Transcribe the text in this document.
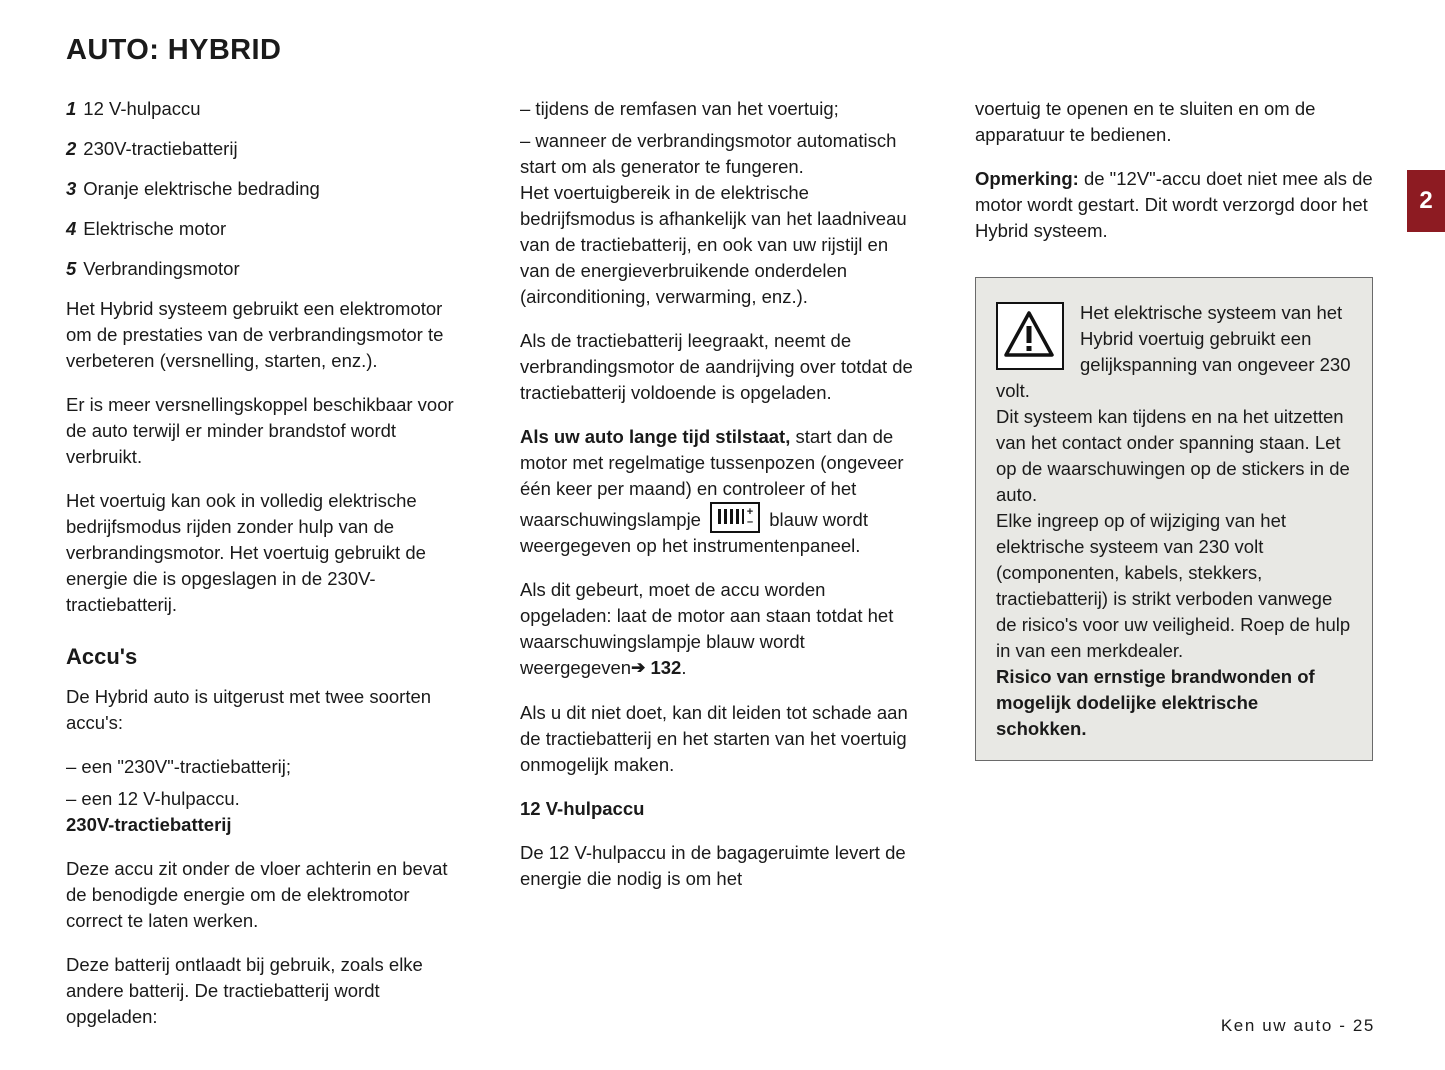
AUTO: HYBRID
2
1 12 V-hulpaccu
2 230V-tractiebatterij
3 Oranje elektrische bedrading
4 Elektrische motor
5 Verbrandingsmotor

Het Hybrid systeem gebruikt een elektromotor om de prestaties van de verbrandingsmotor te verbeteren (versnelling, starten, enz.).

Er is meer versnellingskoppel beschikbaar voor de auto terwijl er minder brandstof wordt verbruikt.

Het voertuig kan ook in volledig elektrische bedrijfsmodus rijden zonder hulp van de verbrandingsmotor. Het voertuig gebruikt de energie die is opgeslagen in de 230V-tractiebatterij.

Accu's

De Hybrid auto is uitgerust met twee soorten accu's:

– een "230V"-tractiebatterij;

– een 12 V-hulpaccu.

230V-tractiebatterij

Deze accu zit onder de vloer achterin en bevat de benodigde energie om de elektromotor correct te laten werken.

Deze batterij ontlaadt bij gebruik, zoals elke andere batterij. De tractiebatterij wordt opgeladen:

– tijdens de remfasen van het voertuig;

– wanneer de verbrandingsmotor automatisch start om als generator te fungeren.

Het voertuigbereik in de elektrische bedrijfsmodus is afhankelijk van het laadniveau van de tractiebatterij, en ook van uw rijstijl en van de energieverbruikende onderdelen (airconditioning, verwarming, enz.).

Als de tractiebatterij leegraakt, neemt de verbrandingsmotor de aandrijving over totdat de tractiebatterij voldoende is opgeladen.

Als uw auto lange tijd stilstaat, start dan de motor met regelmatige tussenpozen (ongeveer één keer per maand) en controleer of het waarschuwingslampje	+
– blauw wordt weergegeven op het instrumentenpaneel.

Als dit gebeurt, moet de accu worden opgeladen: laat de motor aan staan totdat het waarschuwingslampje blauw wordt weergegeven➔ 132.

Als u dit niet doet, kan dit leiden tot schade aan de tractiebatterij en het starten van het voertuig onmogelijk maken.

12 V-hulpaccu

De 12 V-hulpaccu in de bagageruimte levert de energie die nodig is om het

voertuig te openen en te sluiten en om de apparatuur te bedienen.

Opmerking: de "12V"-accu doet niet mee als de motor wordt gestart. Dit wordt verzorgd door het Hybrid systeem.

Het elektrische systeem van het Hybrid voertuig gebruikt een gelijkspanning van ongeveer 230 volt.

Dit systeem kan tijdens en na het uitzetten van het contact onder spanning staan. Let op de waarschuwingen op de stickers in de auto.

Elke ingreep op of wijziging van het elektrische systeem van 230 volt (componenten, kabels, stekkers, tractiebatterij) is strikt verboden vanwege de risico's voor uw veiligheid. Roep de hulp in van een merkdealer.

Risico van ernstige brandwonden of mogelijk dodelijke elektrische schokken.

Ken uw auto - 25
